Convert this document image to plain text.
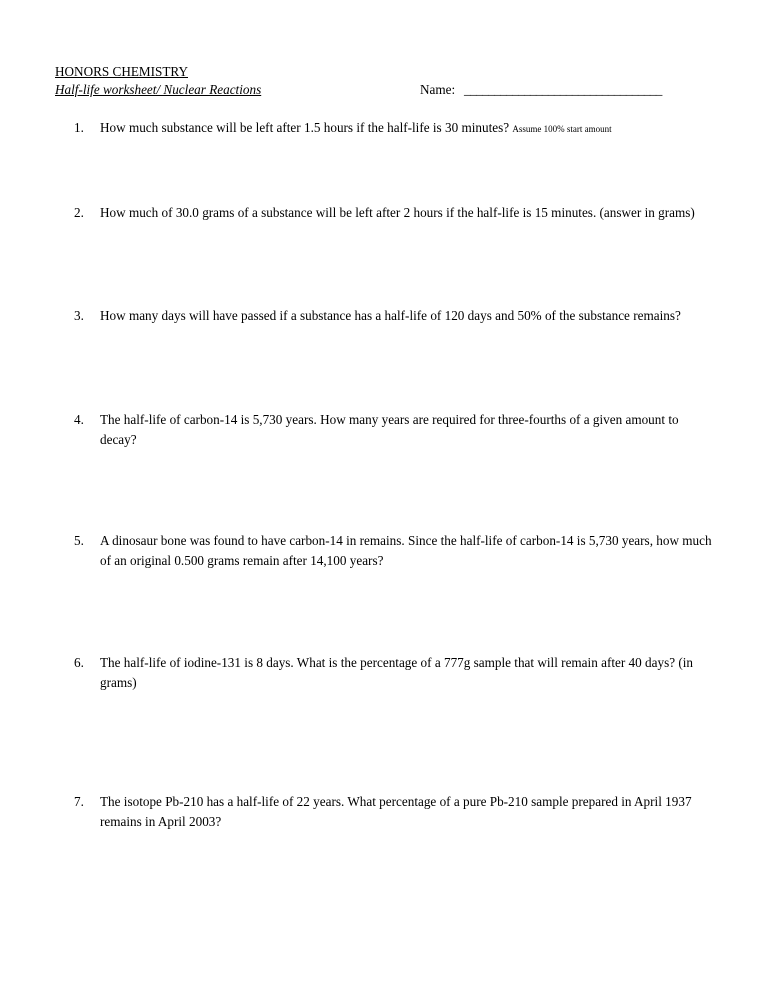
HONORS CHEMISTRY
Half-life worksheet/ Nuclear Reactions	Name: _________________________________
1. How much substance will be left after 1.5 hours if the half-life is 30 minutes? Assume 100% start amount
2. How much of 30.0 grams of a substance will be left after 2 hours if the half-life is 15 minutes. (answer in grams)
3. How many days will have passed if a substance has a half-life of 120 days and 50% of the substance remains?
4. The half-life of carbon-14 is 5,730 years. How many years are required for three-fourths of a given amount to decay?
5. A dinosaur bone was found to have carbon-14 in remains. Since the half-life of carbon-14 is 5,730 years, how much of an original 0.500 grams remain after 14,100 years?
6. The half-life of iodine-131 is 8 days. What is the percentage of a 777g sample that will remain after 40 days? (in grams)
7. The isotope Pb-210 has a half-life of 22 years. What percentage of a pure Pb-210 sample prepared in April 1937 remains in April 2003?
